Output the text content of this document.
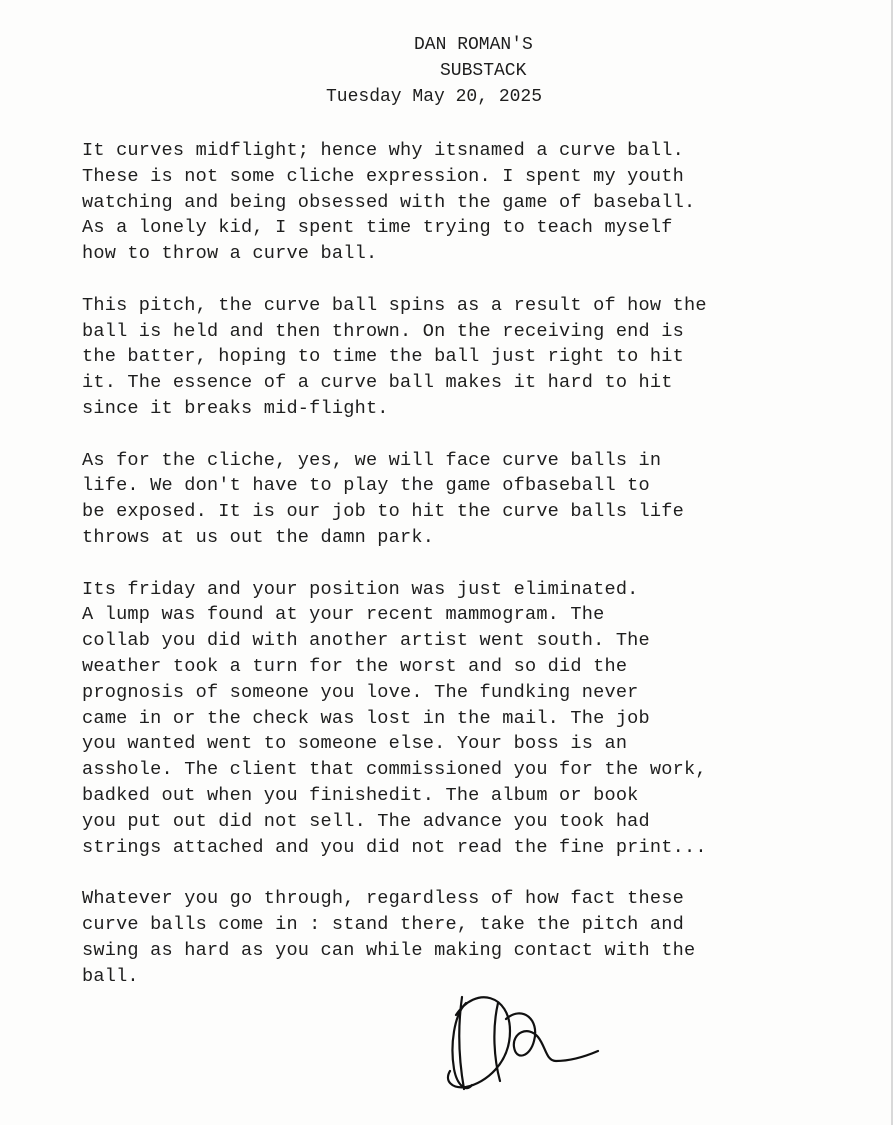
DAN ROMAN'S
SUBSTACK
Tuesday May 20, 2025

It curves midflight; hence why itsnamed a curve ball.
These is not some cliche expression. I spent my youth
watching and being obsessed with the game of baseball.
As a lonely kid, I spent time trying to teach myself
how to throw a curve ball.

This pitch, the curve ball spins as a result of how the
ball is held and then thrown. On the receiving end is
the batter, hoping to time the ball just right to hit
it. The essence of a curve ball makes it hard to hit
since it breaks mid-flight.

As for the cliche, yes, we will face curve balls in
life. We don't have to play the game ofbaseball to
be exposed. It is our job to hit the curve balls life
throws at us out the damn park.

Its friday and your position was just eliminated.
A lump was found at your recent mammogram. The
collab you did with another artist went south. The
weather took a turn for the worst and so did the
prognosis of someone you love. The fundking never
came in or the check was lost in the mail. The job
you wanted went to someone else. Your boss is an
asshole. The client that commissioned you for the work,
badked out when you finishedit. The album or book
you put out did not sell. The advance you took had
strings attached and you did not read the fine print...

Whatever you go through, regardless of how fact these
curve balls come in : stand there, take the pitch and
swing as hard as you can while making contact with the
ball.
